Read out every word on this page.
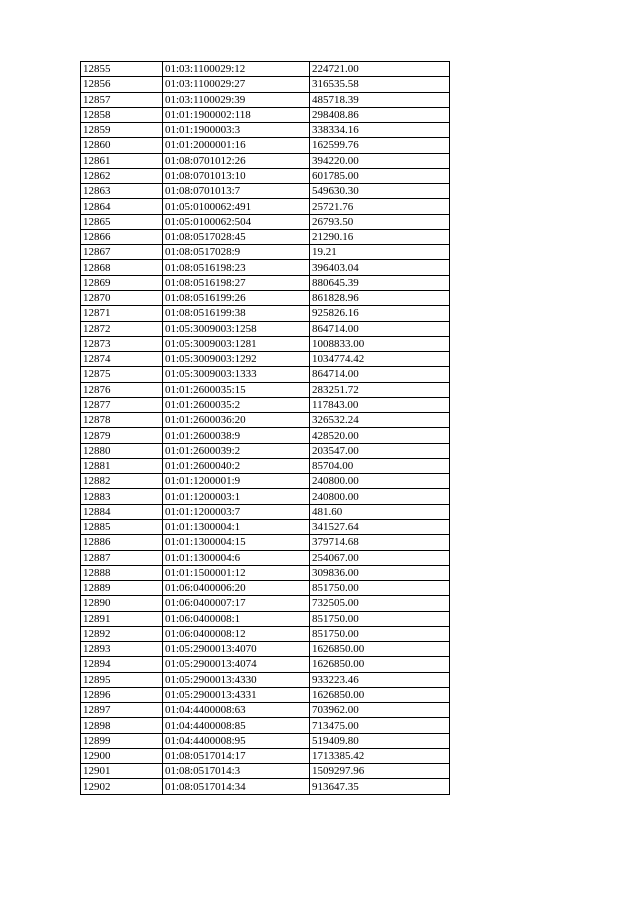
12855	01:03:1100029:12	224721.00
12856	01:03:1100029:27	316535.58
12857	01:03:1100029:39	485718.39
12858	01:01:1900002:118	298408.86
12859	01:01:1900003:3	338334.16
12860	01:01:2000001:16	162599.76
12861	01:08:0701012:26	394220.00
12862	01:08:0701013:10	601785.00
12863	01:08:0701013:7	549630.30
12864	01:05:0100062:491	25721.76
12865	01:05:0100062:504	26793.50
12866	01:08:0517028:45	21290.16
12867	01:08:0517028:9	19.21
12868	01:08:0516198:23	396403.04
12869	01:08:0516198:27	880645.39
12870	01:08:0516199:26	861828.96
12871	01:08:0516199:38	925826.16
12872	01:05:3009003:1258	864714.00
12873	01:05:3009003:1281	1008833.00
12874	01:05:3009003:1292	1034774.42
12875	01:05:3009003:1333	864714.00
12876	01:01:2600035:15	283251.72
12877	01:01:2600035:2	117843.00
12878	01:01:2600036:20	326532.24
12879	01:01:2600038:9	428520.00
12880	01:01:2600039:2	203547.00
12881	01:01:2600040:2	85704.00
12882	01:01:1200001:9	240800.00
12883	01:01:1200003:1	240800.00
12884	01:01:1200003:7	481.60
12885	01:01:1300004:1	341527.64
12886	01:01:1300004:15	379714.68
12887	01:01:1300004:6	254067.00
12888	01:01:1500001:12	309836.00
12889	01:06:0400006:20	851750.00
12890	01:06:0400007:17	732505.00
12891	01:06:0400008:1	851750.00
12892	01:06:0400008:12	851750.00
12893	01:05:2900013:4070	1626850.00
12894	01:05:2900013:4074	1626850.00
12895	01:05:2900013:4330	933223.46
12896	01:05:2900013:4331	1626850.00
12897	01:04:4400008:63	703962.00
12898	01:04:4400008:85	713475.00
12899	01:04:4400008:95	519409.80
12900	01:08:0517014:17	1713385.42
12901	01:08:0517014:3	1509297.96
12902	01:08:0517014:34	913647.35
